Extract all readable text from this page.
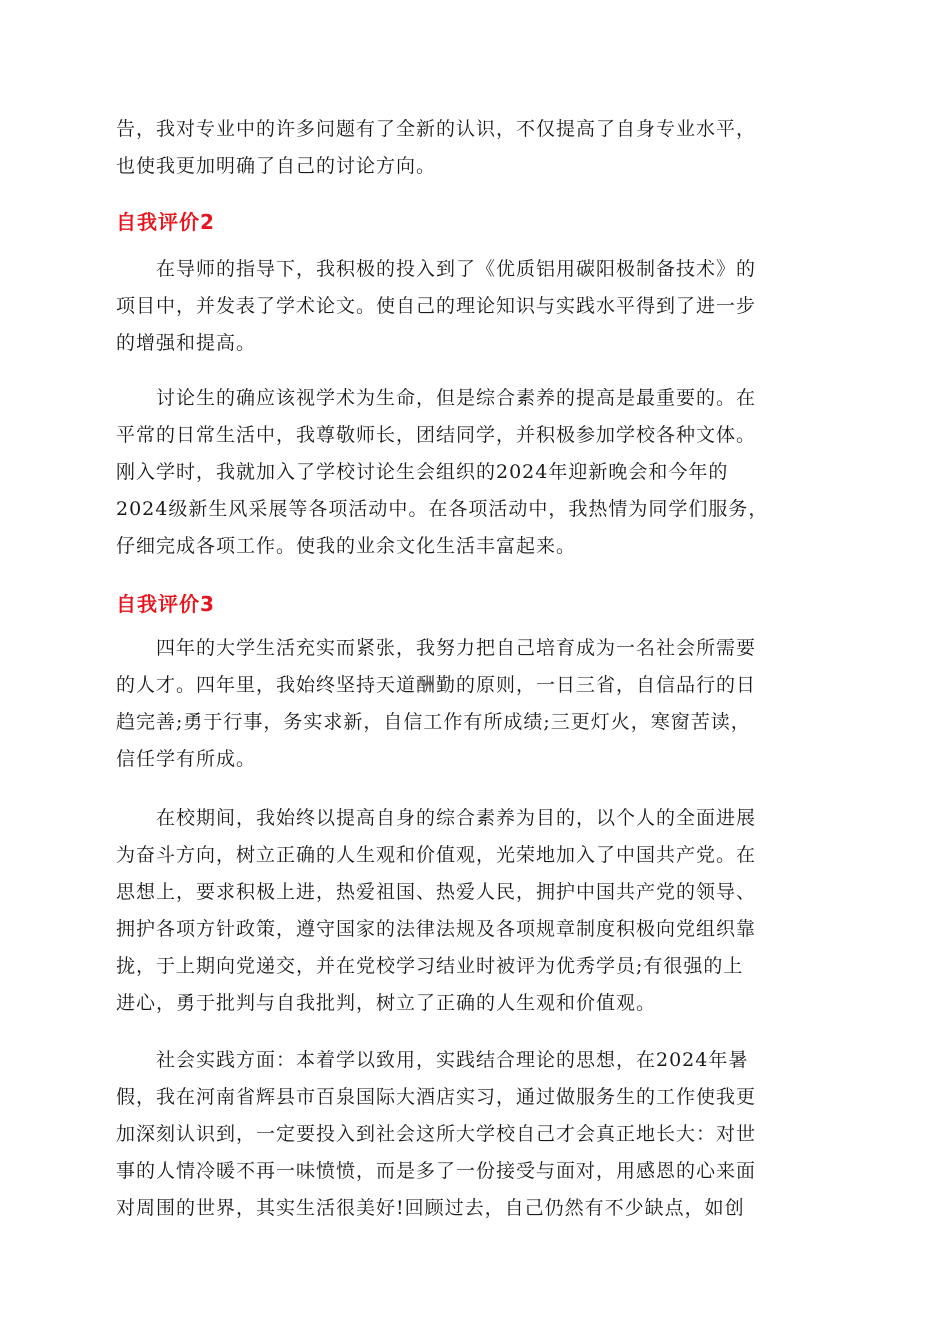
告，我对专业中的许多问题有了全新的认识，不仅提高了自身专业水平，
也使我更加明确了自己的讨论方向。

自我评价2

在导师的指导下，我积极的投入到了《优质铝用碳阳极制备技术》的
项目中，并发表了学术论文。使自己的理论知识与实践水平得到了进一步
的增强和提高。

讨论生的确应该视学术为生命，但是综合素养的提高是最重要的。在
平常的日常生活中，我尊敬师长，团结同学，并积极参加学校各种文体。
刚入学时，我就加入了学校讨论生会组织的2024年迎新晚会和今年的
2024级新生风采展等各项活动中。在各项活动中，我热情为同学们服务，
仔细完成各项工作。使我的业余文化生活丰富起来。

自我评价3

四年的大学生活充实而紧张，我努力把自己培育成为一名社会所需要
的人才。四年里，我始终坚持天道酬勤的原则，一日三省，自信品行的日
趋完善;勇于行事，务实求新，自信工作有所成绩;三更灯火，寒窗苦读，
信任学有所成。

在校期间，我始终以提高自身的综合素养为目的，以个人的全面进展
为奋斗方向，树立正确的人生观和价值观，光荣地加入了中国共产党。在
思想上，要求积极上进，热爱祖国、热爱人民，拥护中国共产党的领导、
拥护各项方针政策，遵守国家的法律法规及各项规章制度积极向党组织靠
拢，于上期向党递交，并在党校学习结业时被评为优秀学员;有很强的上
进心，勇于批判与自我批判，树立了正确的人生观和价值观。

社会实践方面：本着学以致用，实践结合理论的思想，在2024年暑
假，我在河南省辉县市百泉国际大酒店实习，通过做服务生的工作使我更
加深刻认识到，一定要投入到社会这所大学校自己才会真正地长大：对世
事的人情冷暖不再一味愤愤，而是多了一份接受与面对，用感恩的心来面
对周围的世界，其实生活很美好!回顾过去，自己仍然有不少缺点，如创
